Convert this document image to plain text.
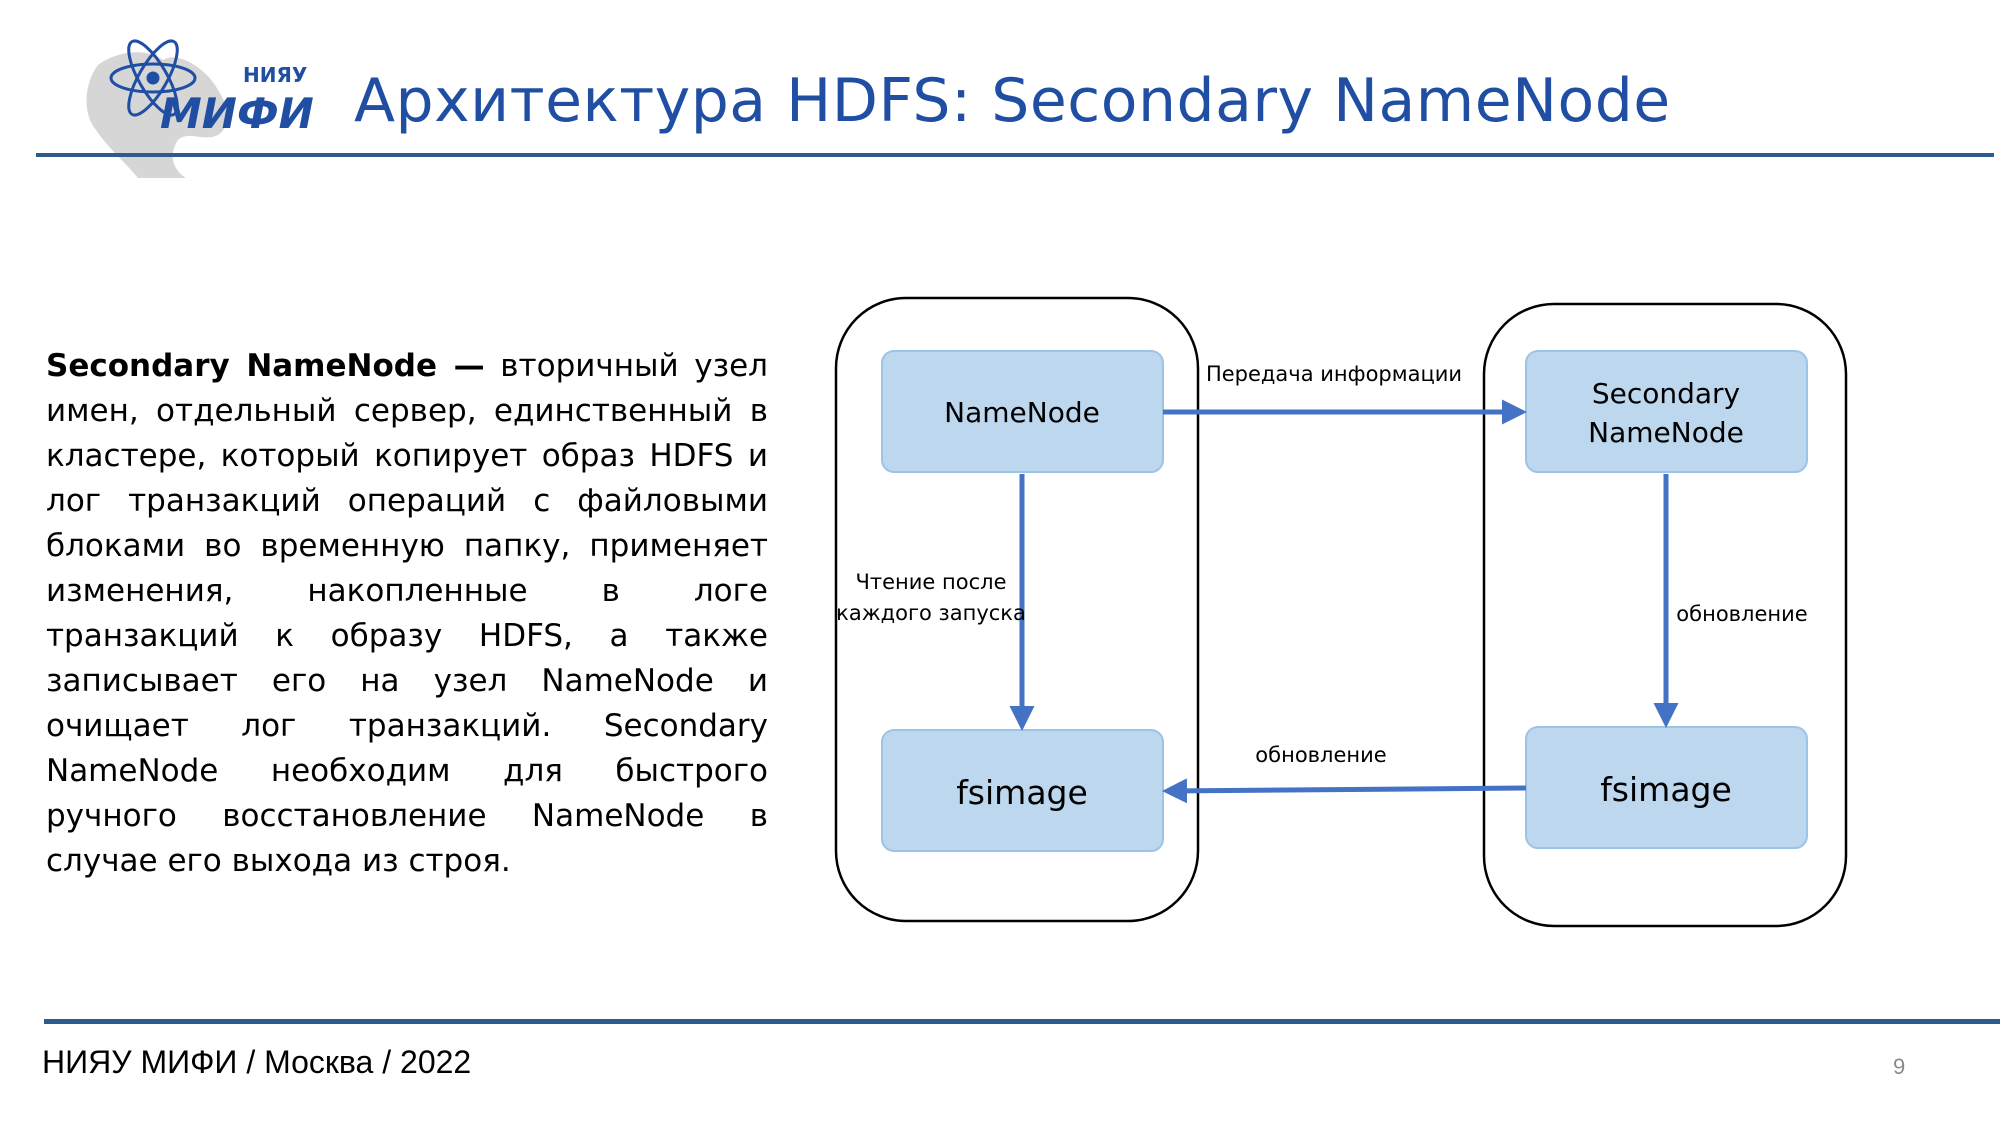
НИЯУ
МИФИ Архитектура HDFS: Secondary NameNode
Secondary NameNode — вторичный узел имен, отдельный сервер, единственный в кластере, который копирует образ HDFS и лог транзакций операций с файловыми блоками во временную папку, применяет изменения, накопленные в логе транзакций к образу HDFS, а также записывает его на узел NameNode и очищает лог транзакций. Secondary NameNode необходим для быстрого ручного восстановление NameNode в случае его выхода из строя.
NameNode
fsimage
Secondary
NameNode
fsimage
Передача информации
Чтение после
каждого запуска	обновление
обновление
НИЯУ МИФИ / Москва / 2022	9
